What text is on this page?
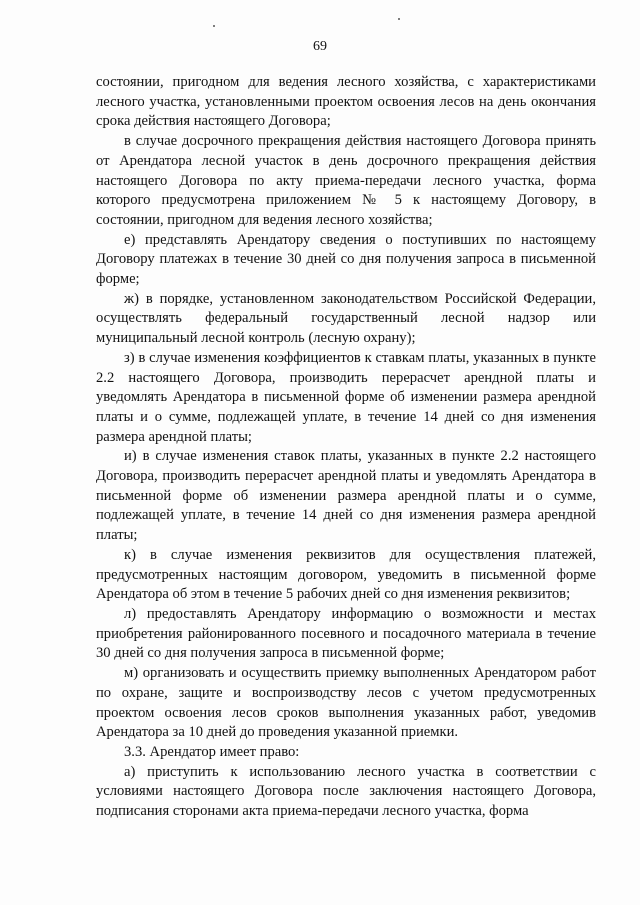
69

состоянии, пригодном для ведения лесного хозяйства, с характеристиками лесного участка, установленными проектом освоения лесов на день окончания срока действия настоящего Договора;

в случае досрочного прекращения действия настоящего Договора принять от Арендатора лесной участок в день досрочного прекращения действия настоящего Договора по акту приема-передачи лесного участка, форма которого предусмотрена приложением № 5 к настоящему Договору, в состоянии, пригодном для ведения лесного хозяйства;

е) представлять Арендатору сведения о поступивших по настоящему Договору платежах в течение 30 дней со дня получения запроса в письменной форме;

ж) в порядке, установленном законодательством Российской Федерации, осуществлять федеральный государственный лесной надзор или муниципальный лесной контроль (лесную охрану);

з) в случае изменения коэффициентов к ставкам платы, указанных в пункте 2.2 настоящего Договора, производить перерасчет арендной платы и уведомлять Арендатора в письменной форме об изменении размера арендной платы и о сумме, подлежащей уплате, в течение 14 дней со дня изменения размера арендной платы;

и) в случае изменения ставок платы, указанных в пункте 2.2 настоящего Договора, производить перерасчет арендной платы и уведомлять Арендатора в письменной форме об изменении размера арендной платы и о сумме, подлежащей уплате, в течение 14 дней со дня изменения размера арендной платы;

к) в случае изменения реквизитов для осуществления платежей, предусмотренных настоящим договором, уведомить в письменной форме Арендатора об этом в течение 5 рабочих дней со дня изменения реквизитов;

л) предоставлять Арендатору информацию о возможности и местах приобретения районированного посевного и посадочного материала в течение 30 дней со дня получения запроса в письменной форме;

м) организовать и осуществить приемку выполненных Арендатором работ по охране, защите и воспроизводству лесов с учетом предусмотренных проектом освоения лесов сроков выполнения указанных работ, уведомив Арендатора за 10 дней до проведения указанной приемки.

3.3. Арендатор имеет право:

а) приступить к использованию лесного участка в соответствии с условиями настоящего Договора после заключения настоящего Договора, подписания сторонами акта приема-передачи лесного участка, форма
